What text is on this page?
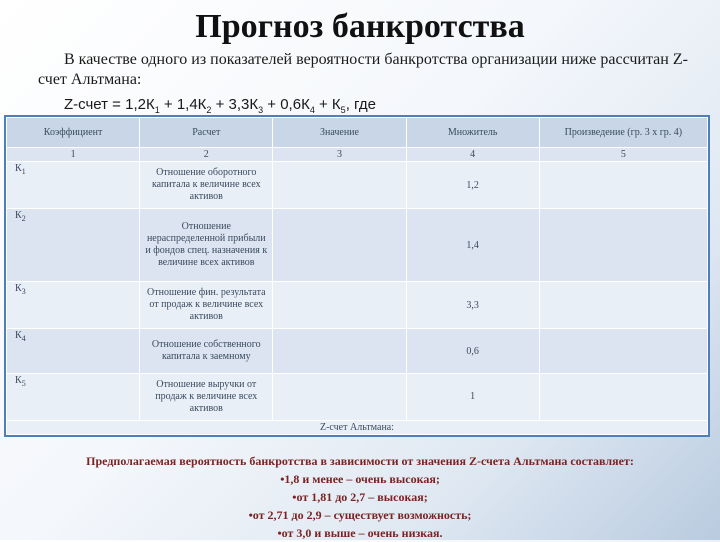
Прогноз банкротства

В качестве одного из показателей вероятности банкротства организации ниже рассчитан Z-счет Альтмана:

Z-счет = $1,2К_1 + 1,4К_2 + 3,3К_3 + 0,6К_4 + К_5$, где
Коэффициент	Расчет	Значение	Множитель	Произведение (гр. 3 х гр. 4)
1	2	3	4	5
$К_1$	Отношение оборотного капитала к величине всех активов		1,2	
$К_2$	Отношение нераспределенной прибыли и фондов спец. назначения к величине всех активов		1,4	
$К_3$	Отношение фин. результата от продаж к величине всех активов		3,3	
$К_4$	Отношение собственного капитала к заемному		0,6	
$К_5$	Отношение выручки от продаж к величине всех активов		1	
Z-счет Альтмана:				
Предполагаемая вероятность банкротства в зависимости от значения Z-счета Альтмана составляет:
•1,8 и менее – очень высокая;
•от 1,81 до 2,7 – высокая;
•от 2,71 до 2,9 – существует возможность;
•от 3,0 и выше – очень низкая.
